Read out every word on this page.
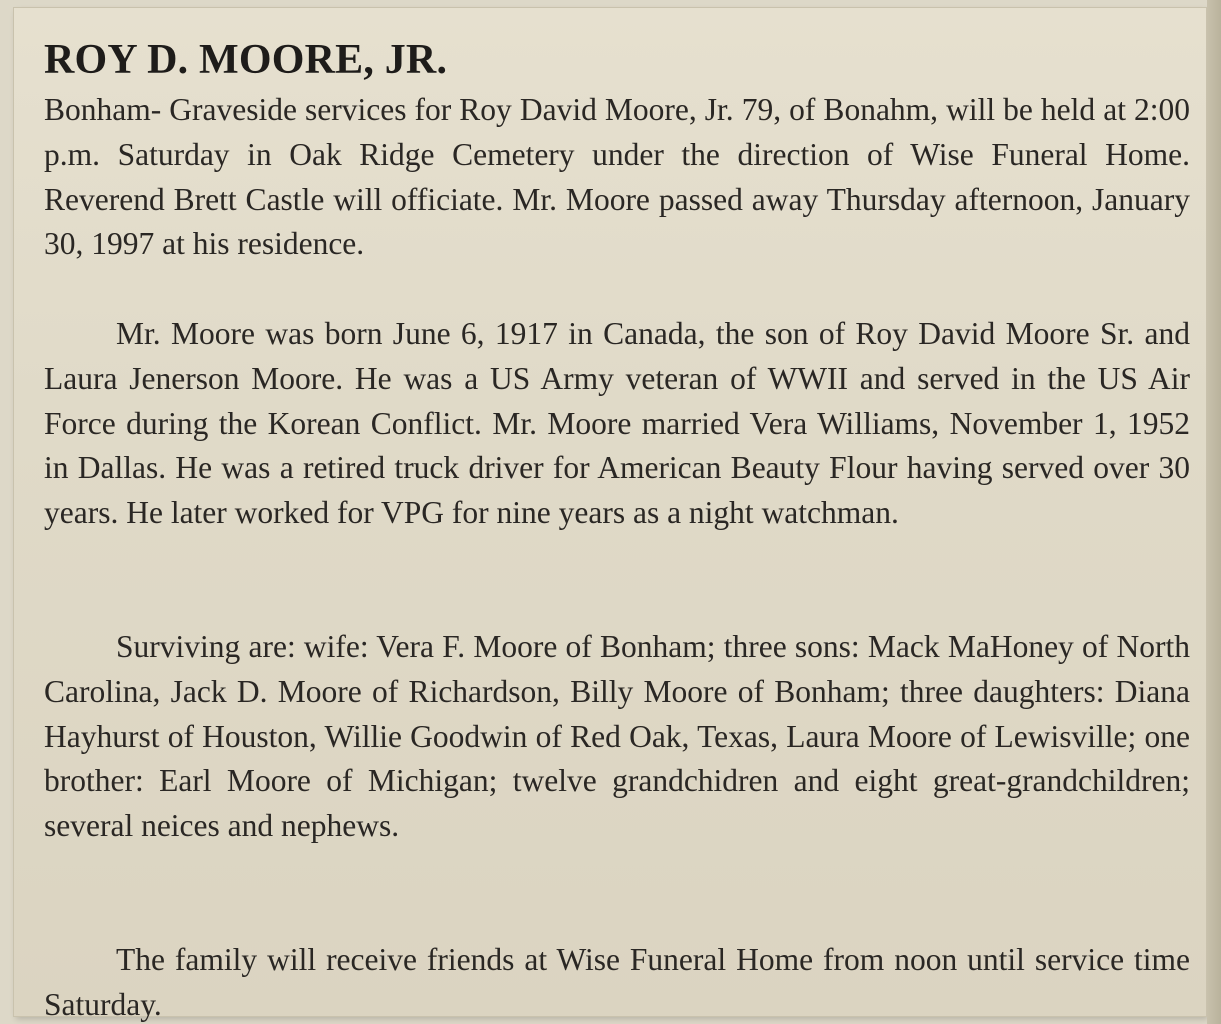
ROY D. MOORE, JR.

Bonham- Graveside services for Roy David Moore, Jr. 79, of Bonahm, will be held at 2:00 p.m. Saturday in Oak Ridge Cemetery under the direction of Wise Funeral Home. Reverend Brett Castle will officiate. Mr. Moore passed away Thursday afternoon, January 30, 1997 at his residence.

Mr. Moore was born June 6, 1917 in Canada, the son of Roy David Moore Sr. and Laura Jenerson Moore. He was a US Army veteran of WWII and served in the US Air Force during the Korean Conflict. Mr. Moore married Vera Williams, November 1, 1952 in Dallas. He was a retired truck driver for American Beauty Flour having served over 30 years. He later worked for VPG for nine years as a night watchman.

Surviving are: wife: Vera F. Moore of Bonham; three sons: Mack MaHoney of North Carolina, Jack D. Moore of Richardson, Billy Moore of Bonham; three daughters: Diana Hayhurst of Houston, Willie Goodwin of Red Oak, Texas, Laura Moore of Lewisville; one brother: Earl Moore of Michigan; twelve grandchidren and eight great-grandchildren; several neices and nephews.

The family will receive friends at Wise Funeral Home from noon until service time Saturday.
